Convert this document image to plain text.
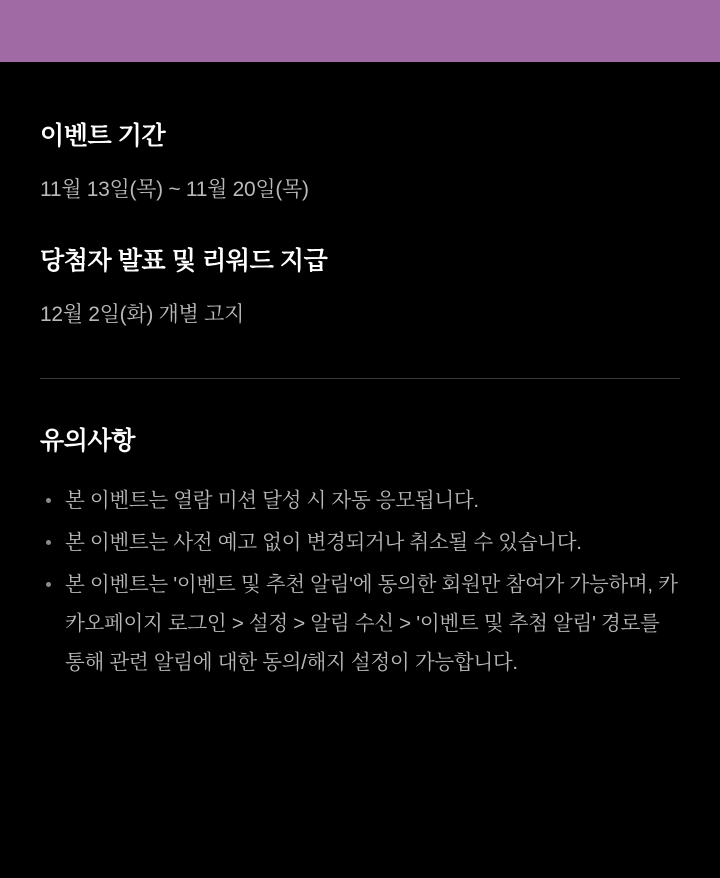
이벤트 기간

11월 13일(목) ~ 11월 20일(목)

당첨자 발표 및 리워드 지급

12월 2일(화) 개별 고지

유의사항
본 이벤트는 열람 미션 달성 시 자동 응모됩니다.
본 이벤트는 사전 예고 없이 변경되거나 취소될 수 있습니다.
본 이벤트는 '이벤트 및 추천 알림'에 동의한 회원만 참여가 가능하며, 카카오페이지 로그인 > 설정 > 알림 수신 > '이벤트 및 추첨 알림' 경로를 통해 관련 알림에 대한 동의/해지 설정이 가능합니다.
